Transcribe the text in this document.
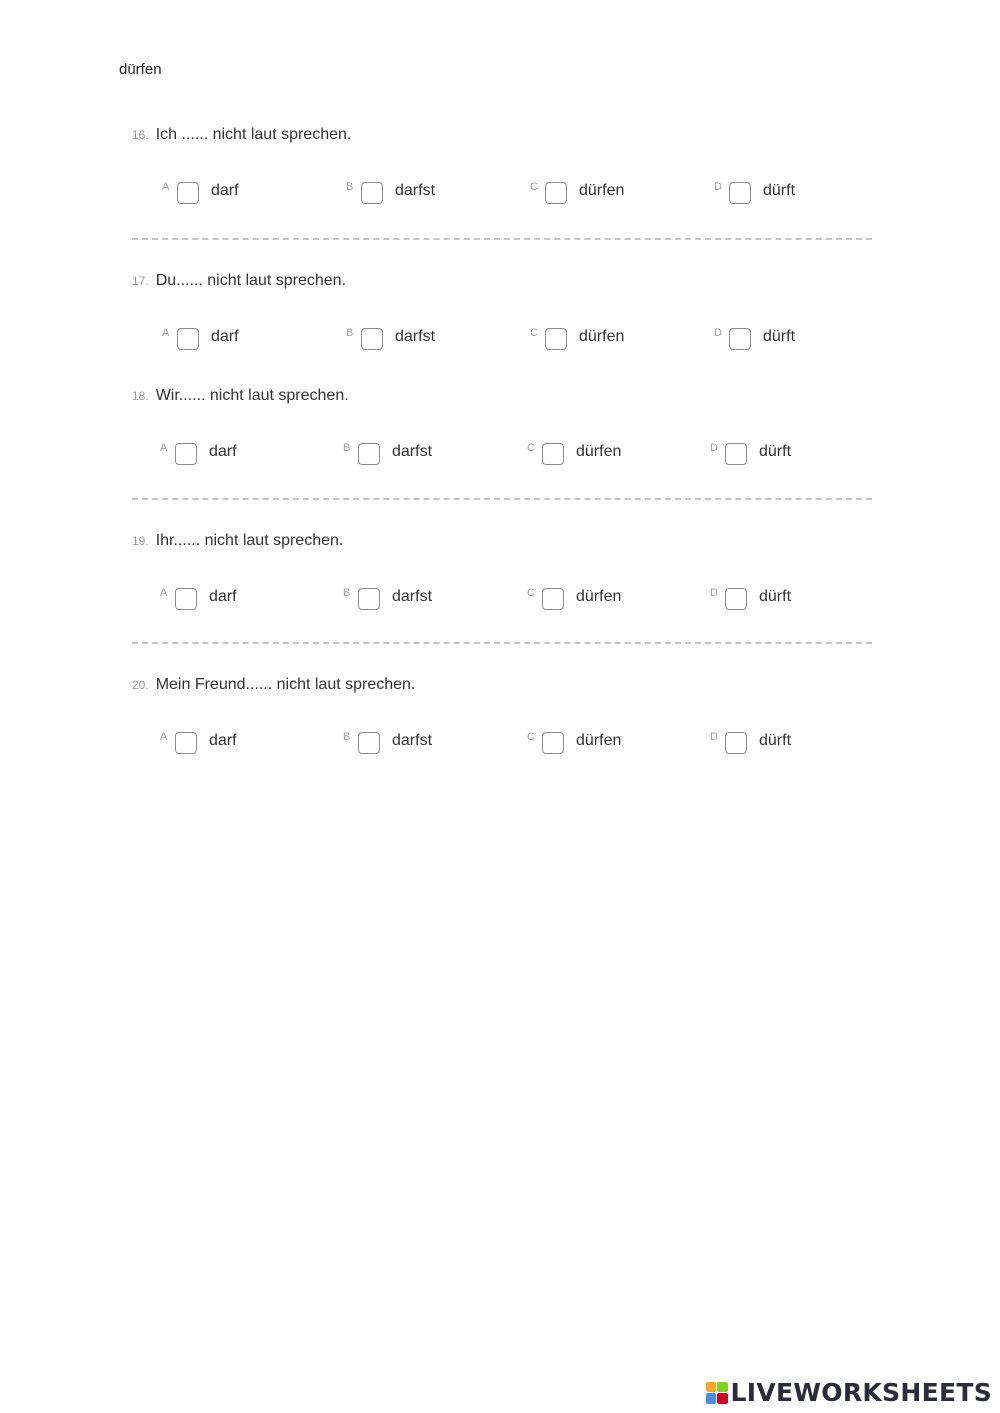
dürfen
16. Ich ...... nicht laut sprechen.
A	darf	B	darfst	C	dürfen	D	dürft
17. Du...... nicht laut sprechen.
A	darf	B	darfst	C	dürfen	D	dürft
18. Wir...... nicht laut sprechen.
A	darf	B	darfst	C	dürfen	D	dürft
19. Ihr...... nicht laut sprechen.
A	darf	B	darfst	C	dürfen	D	dürft
20. Mein Freund...... nicht laut sprechen.
A	darf	B	darfst	C	dürfen	D	dürft
LIVEWORKSHEETS
